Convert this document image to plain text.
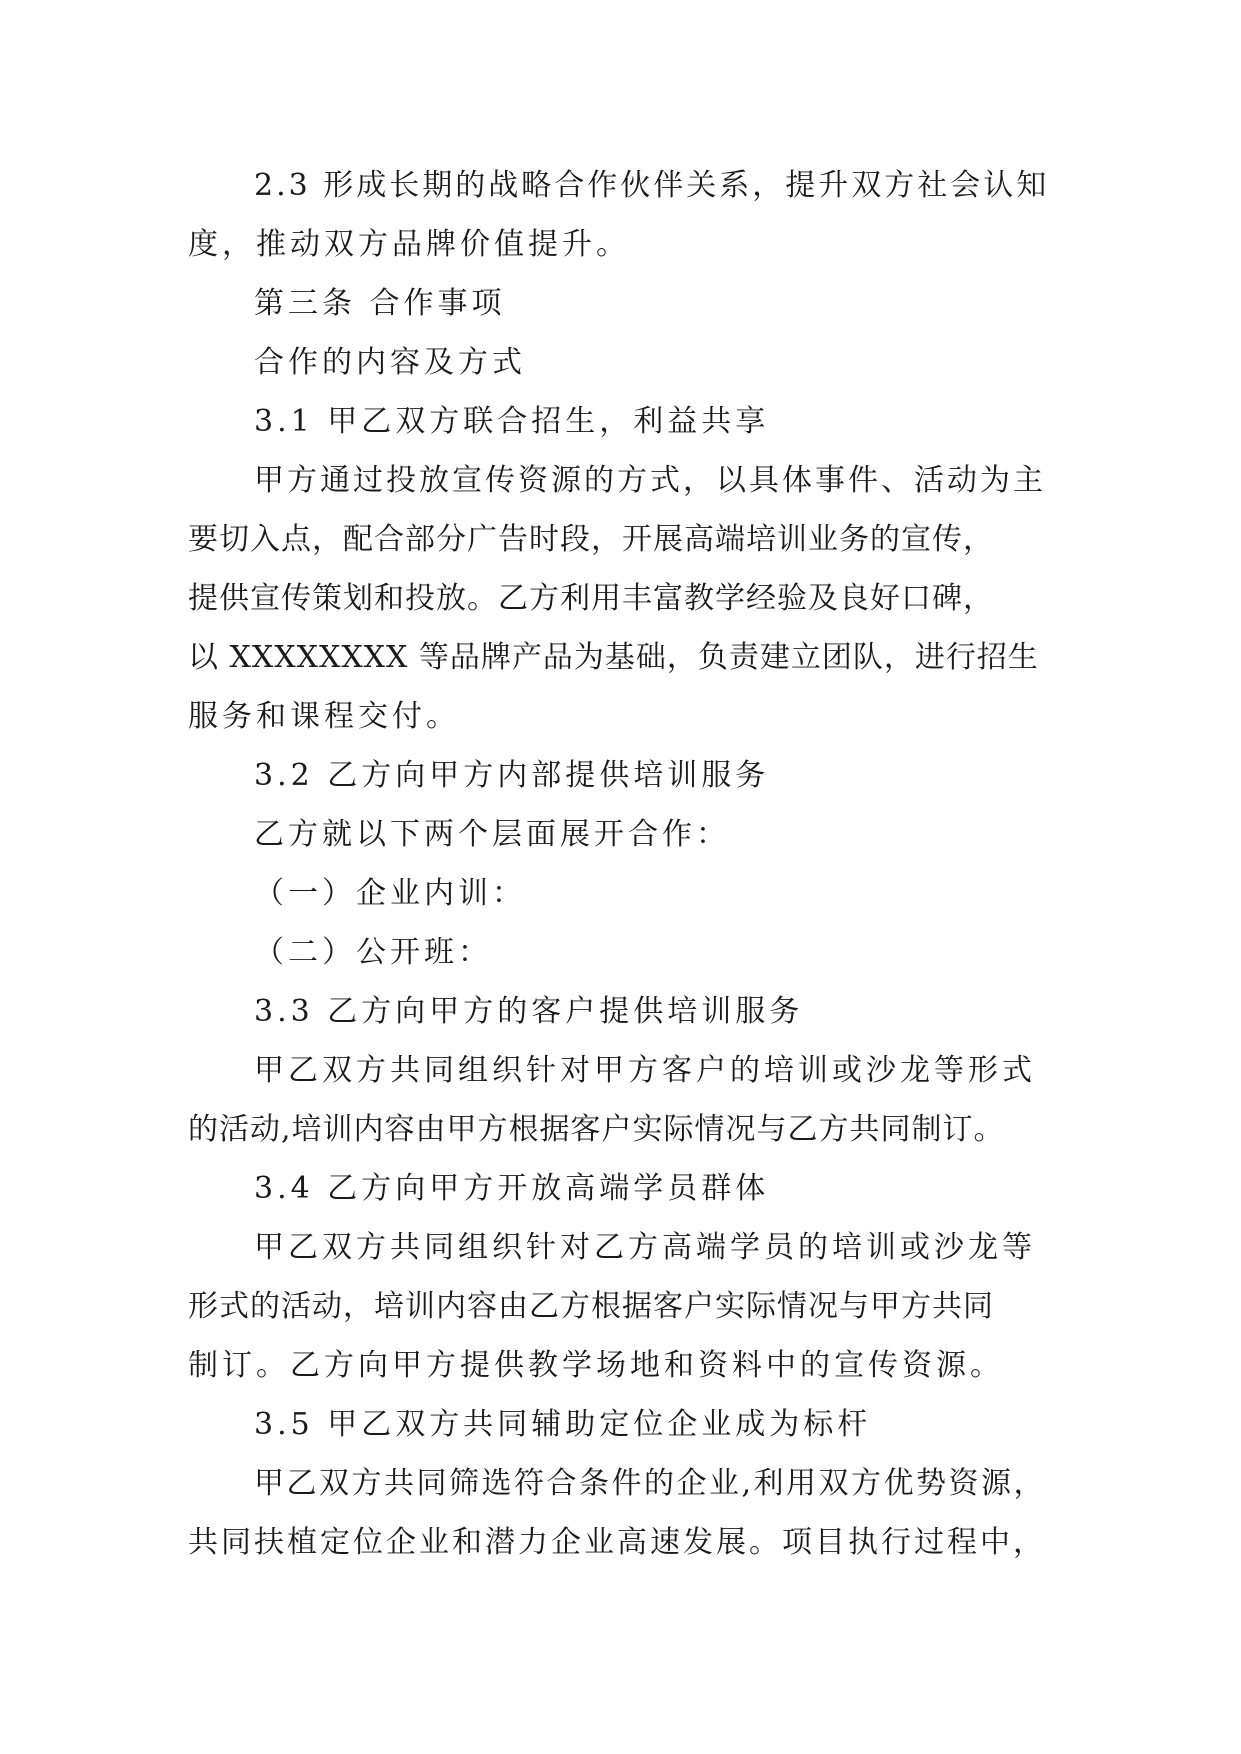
2.3 形成长期的战略合作伙伴关系，提升双方社会认知
度，推动双方品牌价值提升。
第三条 合作事项
合作的内容及方式
3.1 甲乙双方联合招生，利益共享
甲方通过投放宣传资源的方式，以具体事件、活动为主
要切入点，配合部分广告时段，开展高端培训业务的宣传，
提供宣传策划和投放。乙方利用丰富教学经验及良好口碑，
以 XXXXXXXX 等品牌产品为基础，负责建立团队，进行招生
服务和课程交付。
3.2 乙方向甲方内部提供培训服务
乙方就以下两个层面展开合作：
（一）企业内训：
（二）公开班：
3.3 乙方向甲方的客户提供培训服务
甲乙双方共同组织针对甲方客户的培训或沙龙等形式
的活动,培训内容由甲方根据客户实际情况与乙方共同制订。
3.4 乙方向甲方开放高端学员群体
甲乙双方共同组织针对乙方高端学员的培训或沙龙等
形式的活动，培训内容由乙方根据客户实际情况与甲方共同
制订。乙方向甲方提供教学场地和资料中的宣传资源。
3.5 甲乙双方共同辅助定位企业成为标杆
甲乙双方共同筛选符合条件的企业,利用双方优势资源，
共同扶植定位企业和潜力企业高速发展。项目执行过程中，
